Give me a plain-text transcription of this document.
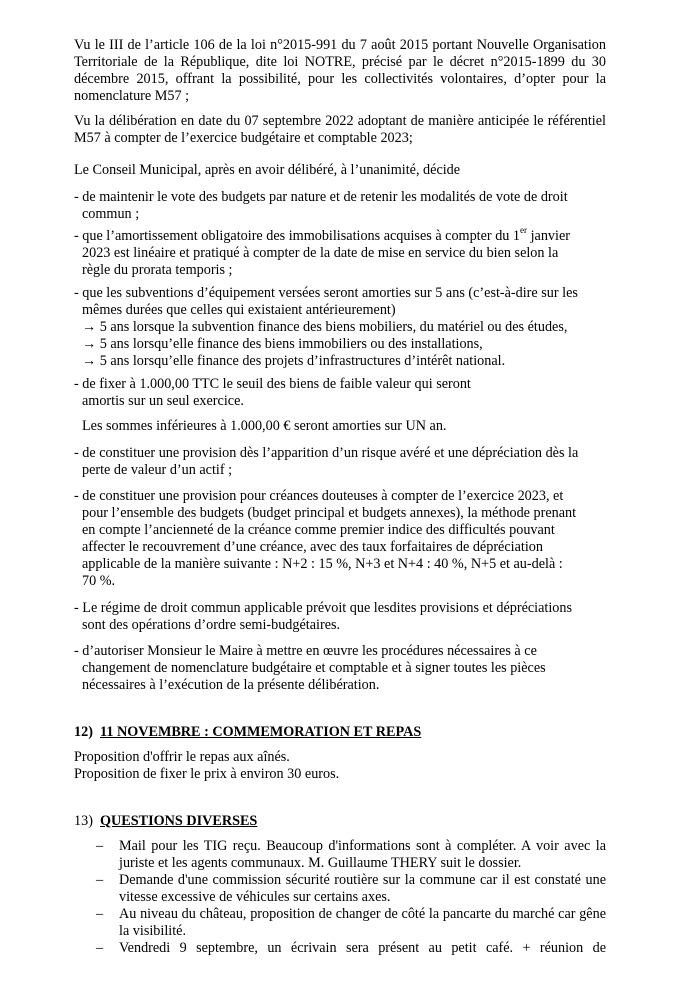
Vu le III de l’article 106 de la loi n°2015-991 du 7 août 2015 portant Nouvelle Organisation Territoriale de la République, dite loi NOTRE, précisé par le décret n°2015-1899 du 30 décembre 2015, offrant la possibilité, pour les collectivités volontaires, d’opter pour la nomenclature M57 ;
Vu la délibération en date du 07 septembre 2022 adoptant de manière anticipée le référentiel M57 à compter de l’exercice budgétaire et comptable 2023;
Le Conseil Municipal, après en avoir délibéré, à l’unanimité, décide
- de maintenir le vote des budgets par nature et de retenir les modalités de vote de droit
commun ;
- que l’amortissement obligatoire des immobilisations acquises à compter du 1er janvier
2023 est linéaire et pratiqué à compter de la date de mise en service du bien selon la
règle du prorata temporis ;
- que les subventions d’équipement versées seront amorties sur 5 ans (c’est-à-dire sur les
mêmes durées que celles qui existaient antérieurement)
→ 5 ans lorsque la subvention finance des biens mobiliers, du matériel ou des études,
→ 5 ans lorsqu’elle finance des biens immobiliers ou des installations,
→ 5 ans lorsqu’elle finance des projets d’infrastructures d’intérêt national.
- de fixer à 1.000,00 TTC le seuil des biens de faible valeur qui seront
amortis sur un seul exercice.
Les sommes inférieures à 1.000,00 € seront amorties sur UN an.
- de constituer une provision dès l’apparition d’un risque avéré et une dépréciation dès la
perte de valeur d’un actif ;
- de constituer une provision pour créances douteuses à compter de l’exercice 2023, et
pour l’ensemble des budgets (budget principal et budgets annexes), la méthode prenant
en compte l’ancienneté de la créance comme premier indice des difficultés pouvant
affecter le recouvrement d’une créance, avec des taux forfaitaires de dépréciation
applicable de la manière suivante : N+2 : 15 %, N+3 et N+4 : 40 %, N+5 et au-delà :
70 %.
- Le régime de droit commun applicable prévoit que lesdites provisions et dépréciations
sont des opérations d’ordre semi-budgétaires.
- d’autoriser Monsieur le Maire à mettre en œuvre les procédures nécessaires à ce
changement de nomenclature budgétaire et comptable et à signer toutes les pièces
nécessaires à l’exécution de la présente délibération.
12) 11 NOVEMBRE : COMMEMORATION ET REPAS
Proposition d'offrir le repas aux aînés.
Proposition de fixer le prix à environ 30 euros.
13) QUESTIONS DIVERSES
– Mail pour les TIG reçu. Beaucoup d'informations sont à compléter. A voir avec la juriste et les agents communaux. M. Guillaume THERY suit le dossier.
– Demande d'une commission sécurité routière sur la commune car il est constaté une vitesse excessive de véhicules sur certains axes.
– Au niveau du château, proposition de changer de côté la pancarte du marché car gêne la visibilité.
– Vendredi 9 septembre, un écrivain sera présent au petit café. + réunion de
